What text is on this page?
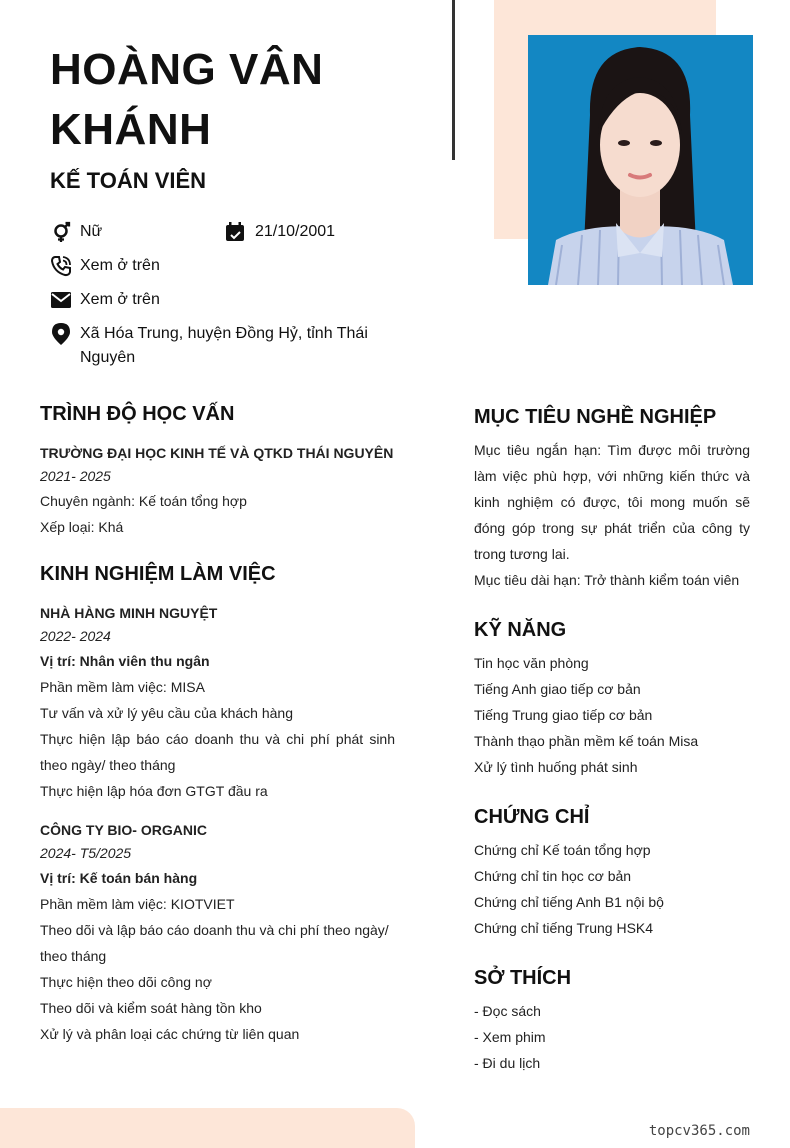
HOÀNG VÂN KHÁNH
KẾ TOÁN VIÊN
Nữ	21/10/2001
Xem ở trên
Xem ở trên
Xã Hóa Trung, huyện Đồng Hỷ, tỉnh Thái Nguyên
TRÌNH ĐỘ HỌC VẤN
TRƯỜNG ĐẠI HỌC KINH TẾ VÀ QTKD THÁI NGUYÊN
2021- 2025
Chuyên ngành: Kế toán tổng hợp
Xếp loại: Khá
KINH NGHIỆM LÀM VIỆC
NHÀ HÀNG MINH NGUYỆT
2022- 2024
Vị trí: Nhân viên thu ngân
Phần mềm làm việc: MISA
Tư vấn và xử lý yêu cầu của khách hàng
Thực hiện lập báo cáo doanh thu và chi phí phát sinh theo ngày/ theo tháng
Thực hiện lập hóa đơn GTGT đầu ra
CÔNG TY BIO- ORGANIC
2024- T5/2025
Vị trí: Kế toán bán hàng
Phần mềm làm việc: KIOTVIET
Theo dõi và lập báo cáo doanh thu và chi phí theo ngày/ theo tháng
Thực hiện theo dõi công nợ
Theo dõi và kiểm soát hàng tồn kho
Xử lý và phân loại các chứng từ liên quan
MỤC TIÊU NGHỀ NGHIỆP
Mục tiêu ngắn hạn: Tìm được môi trường làm việc phù hợp, với những kiến thức và kinh nghiệm có được, tôi mong muốn sẽ đóng góp trong sự phát triển của công ty trong tương lai.
Mục tiêu dài hạn: Trở thành kiểm toán viên
KỸ NĂNG
Tin học văn phòng
Tiếng Anh giao tiếp cơ bản
Tiếng Trung giao tiếp cơ bản
Thành thạo phần mềm kế toán Misa
Xử lý tình huống phát sinh
CHỨNG CHỈ
Chứng chỉ Kế toán tổng hợp
Chứng chỉ tin học cơ bản
Chứng chỉ tiếng Anh B1 nội bộ
Chứng chỉ tiếng Trung HSK4
SỞ THÍCH
- Đọc sách
- Xem phim
- Đi du lịch
topcv365.com
